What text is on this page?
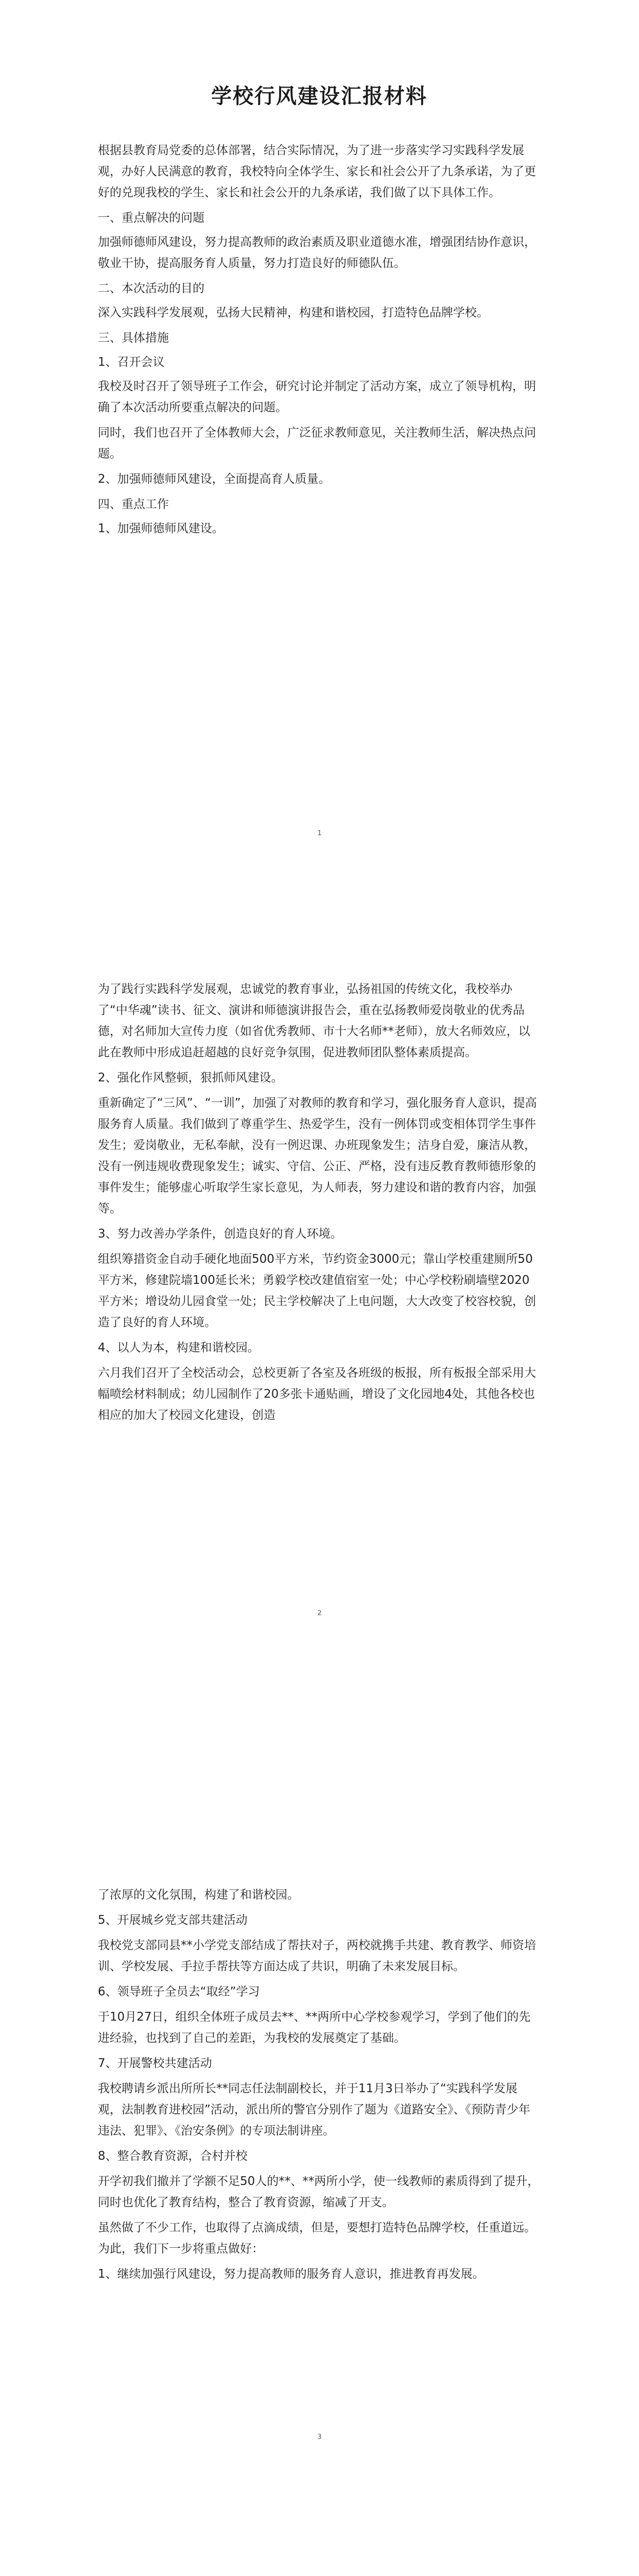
学校行风建设汇报材料

根据县教育局党委的总体部署，结合实际情况，为了进一步落实学习实践科学发展观，办好人民满意的教育，我校特向全体学生、家长和社会公开了九条承诺，为了更好的兑现我校的学生、家长和社会公开的九条承诺，我们做了以下具体工作。

一、重点解决的问题

加强师德师风建设，努力提高教师的政治素质及职业道德水准，增强团结协作意识，敬业干协，提高服务育人质量，努力打造良好的师德队伍。

二、本次活动的目的

深入实践科学发展观，弘扬大民精神，构建和谐校园，打造特色品牌学校。

三、具体措施

1、召开会议

我校及时召开了领导班子工作会，研究讨论并制定了活动方案，成立了领导机构，明确了本次活动所要重点解决的问题。

同时，我们也召开了全体教师大会，广泛征求教师意见，关注教师生活，解决热点问题。

2、加强师德师风建设，全面提高育人质量。

四、重点工作

1、加强师德师风建设。

1

为了践行实践科学发展观，忠诚党的教育事业，弘扬祖国的传统文化，我校举办了“中华魂”读书、征文、演讲和师德演讲报告会，重在弘扬教师爱岗敬业的优秀品德，对名师加大宣传力度（如省优秀教师、市十大名师**老师），放大名师效应，以此在教师中形成追赶超越的良好竞争氛围，促进教师团队整体素质提高。

2、强化作风整顿，狠抓师风建设。

重新确定了“三风”、“一训”，加强了对教师的教育和学习，强化服务育人意识，提高服务育人质量。我们做到了尊重学生、热爱学生，没有一例体罚或变相体罚学生事件发生；爱岗敬业，无私奉献，没有一例迟课、办班现象发生；洁身自爱，廉洁从教，没有一例违规收费现象发生；诚实、守信、公正、严格，没有违反教育教师德形象的事件发生；能够虚心听取学生家长意见，为人师表，努力建设和谐的教育内容，加强等。

3、努力改善办学条件，创造良好的育人环境。

组织筹措资金自动手硬化地面500平方米，节约资金3000元；靠山学校重建厕所50平方米，修建院墙100延长米；勇毅学校改建值宿室一处；中心学校粉刷墙壁2020平方米；增设幼儿园食堂一处；民主学校解决了上电问题，大大改变了校容校貌，创造了良好的育人环境。

4、以人为本，构建和谐校园。

六月我们召开了全校活动会，总校更新了各室及各班级的板报，所有板报全部采用大幅喷绘材料制成；幼儿园制作了20多张卡通贴画，增设了文化园地4处，其他各校也相应的加大了校园文化建设，创造

2

了浓厚的文化氛围，构建了和谐校园。

5、开展城乡党支部共建活动

我校党支部同县**小学党支部结成了帮扶对子，两校就携手共建、教育教学、师资培训、学校发展、手拉手帮扶等方面达成了共识，明确了未来发展目标。

6、领导班子全员去“取经”学习

于10月27日，组织全体班子成员去**、**两所中心学校参观学习，学到了他们的先进经验，也找到了自己的差距，为我校的发展奠定了基础。

7、开展警校共建活动

我校聘请乡派出所所长**同志任法制副校长，并于11月3日举办了“实践科学发展观，法制教育进校园”活动，派出所的警官分别作了题为《道路安全》、《预防青少年违法、犯罪》、《治安条例》的专项法制讲座。

8、整合教育资源，合村并校

开学初我们撤并了学额不足50人的**、**两所小学，使一线教师的素质得到了提升，同时也优化了教育结构，整合了教育资源，缩减了开支。

虽然做了不少工作，也取得了点滴成绩，但是，要想打造特色品牌学校，任重道远。为此，我们下一步将重点做好：

1、继续加强行风建设，努力提高教师的服务育人意识，推进教育再发展。

3
